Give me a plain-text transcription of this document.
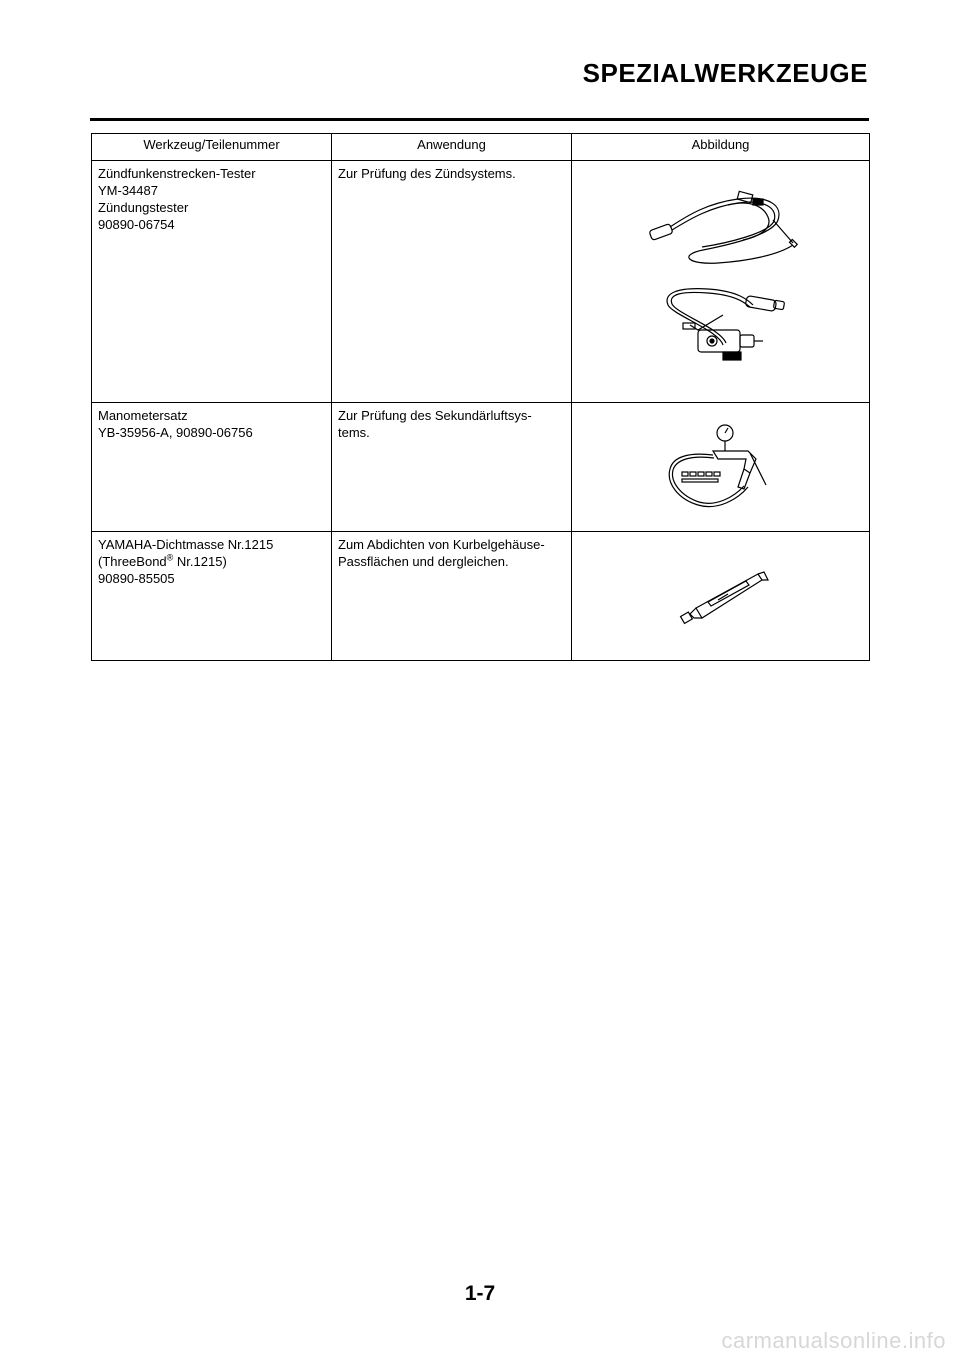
SPEZIALWERKZEUGE
Werkzeug/Teilenummer	Anwendung	Abbildung

Zündfunkenstrecken-Tester
YM-34487
Zündungstester
90890-06754	Zur Prüfung des Zündsystems.

Manometersatz
YB-35956-A, 90890-06756	Zur Prüfung des Sekundärluftsys-
tems.

YAMAHA-Dichtmasse Nr.1215
(ThreeBond® Nr.1215)
90890-85505	Zum Abdichten von Kurbelgehäuse-
Passflächen und dergleichen.

1-7
carmanualsonline.info
